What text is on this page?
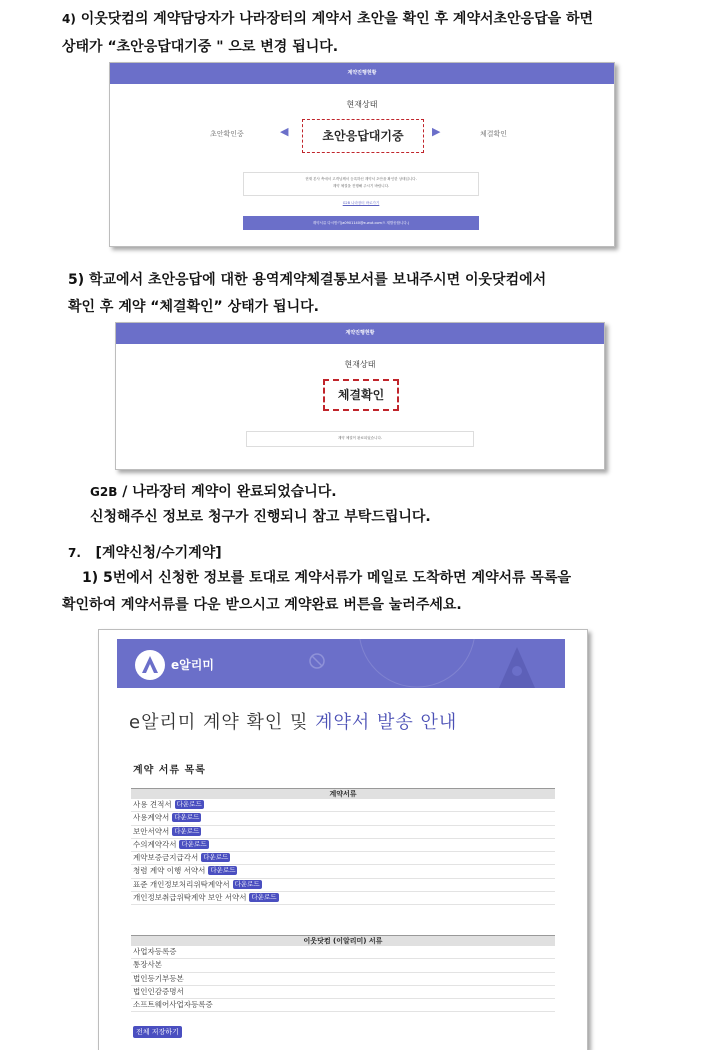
4) 이웃닷컴의 계약담당자가 나라장터의 계약서 초안을 확인 후 계약서초안응답을 하면
상태가 “초안응답대기중 " 으로 변경 됩니다.
계약진행현황
현재상태
초안확인중	◀	초안응답대기중	▶	체결확인
현재 본사 측에서 고객님께서 등록하신 계약서 초안을 확인한 상태입니다.
계약 체결을 진행해 주시기 바랍니다.
G2B 나라장터 바로가기
계약서류 다시받기(a0901140@e-wut.com으 재발송합니다.)
5) 학교에서 초안응답에 대한 용역계약체결통보서를 보내주시면 이웃닷컴에서
확인 후 계약 “체결확인” 상태가 됩니다.
계약진행현황
현재상태
체결확인
계약 체결이 완료되었습니다.
G2B / 나라장터 계약이 완료되었습니다.
신청해주신 정보로 청구가 진행되니 참고 부탁드립니다.
7. [계약신청/수기계약]
1) 5번에서 신청한 정보를 토대로 계약서류가 메일로 도착하면 계약서류 목록을
확인하여 계약서류를 다운 받으시고 계약완료 버튼을 눌러주세요.
e알리미
e알리미 계약 확인 및 계약서 발송 안내
계약 서류 목록
계약서류
사용 견적서 다운로드
사용계약서 다운로드
보안서약서 다운로드
수의계약각서 다운로드
계약보증금지급각서 다운로드
청렴 계약 이행 서약서 다운로드
표준 개인정보처리위탁계약서 다운로드
개인정보취급위탁계약 보안 서약서 다운로드
이웃닷컴 (이알리미) 서류
사업자등록증
통장사본
법인등기부등본
법인인감증명서
소프트웨어사업자등록증
전체 저장하기
